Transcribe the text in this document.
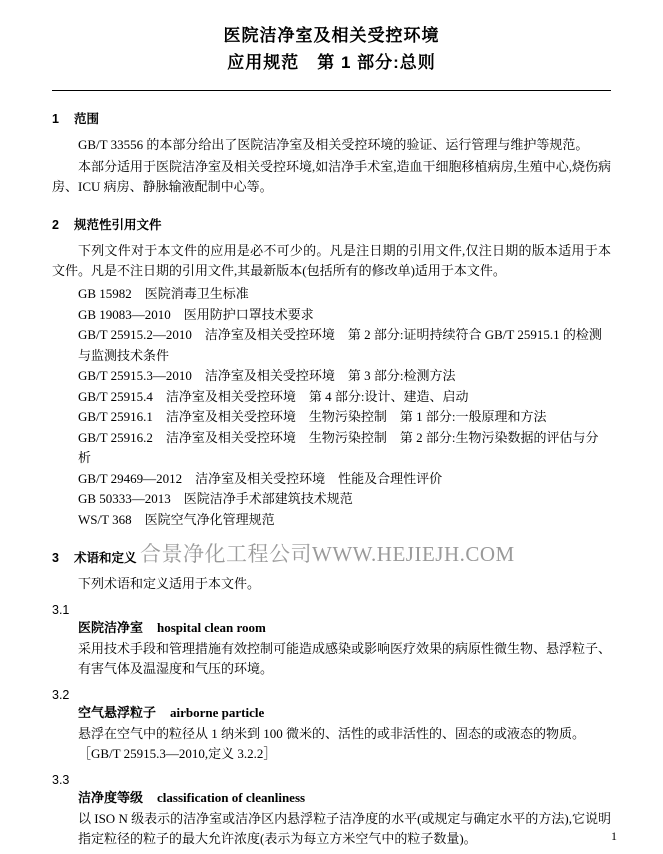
医院洁净室及相关受控环境
应用规范　第 1 部分:总则
1 范围

GB/T 33556 的本部分给出了医院洁净室及相关受控环境的验证、运行管理与维护等规范。

本部分适用于医院洁净室及相关受控环境,如洁净手术室,造血干细胞移植病房,生殖中心,烧伤病房、ICU 病房、静脉输液配制中心等。

2 规范性引用文件

下列文件对于本文件的应用是必不可少的。凡是注日期的引用文件,仅注日期的版本适用于本文件。凡是不注日期的引用文件,其最新版本(包括所有的修改单)适用于本文件。

GB 15982　医院消毒卫生标准

GB 19083—2010　医用防护口罩技术要求

GB/T 25915.2—2010　洁净室及相关受控环境　第 2 部分:证明持续符合 GB/T 25915.1 的检测与监测技术条件

GB/T 25915.3—2010　洁净室及相关受控环境　第 3 部分:检测方法

GB/T 25915.4　洁净室及相关受控环境　第 4 部分:设计、建造、启动

GB/T 25916.1　洁净室及相关受控环境　生物污染控制　第 1 部分:一般原理和方法

GB/T 25916.2　洁净室及相关受控环境　生物污染控制　第 2 部分:生物污染数据的评估与分析

GB/T 29469—2012　洁净室及相关受控环境　性能及合理性评价

GB 50333—2013　医院洁净手术部建筑技术规范

WS/T 368　医院空气净化管理规范

3 术语和定义

下列术语和定义适用于本文件。

3.1

医院洁净室 hospital clean room

采用技术手段和管理措施有效控制可能造成感染或影响医疗效果的病原性微生物、悬浮粒子、有害气体及温湿度和气压的环境。

3.2

空气悬浮粒子 airborne particle

悬浮在空气中的粒径从 1 纳米到 100 微米的、活性的或非活性的、固态的或液态的物质。

［GB/T 25915.3—2010,定义 3.2.2］

3.3

洁净度等级 classification of cleanliness

以 ISO N 级表示的洁净室或洁净区内悬浮粒子洁净度的水平(或规定与确定水平的方法),它说明指定粒径的粒子的最大允许浓度(表示为每立方米空气中的粒子数量)。

合景净化工程公司WWW.HEJIEJH.COM
1
